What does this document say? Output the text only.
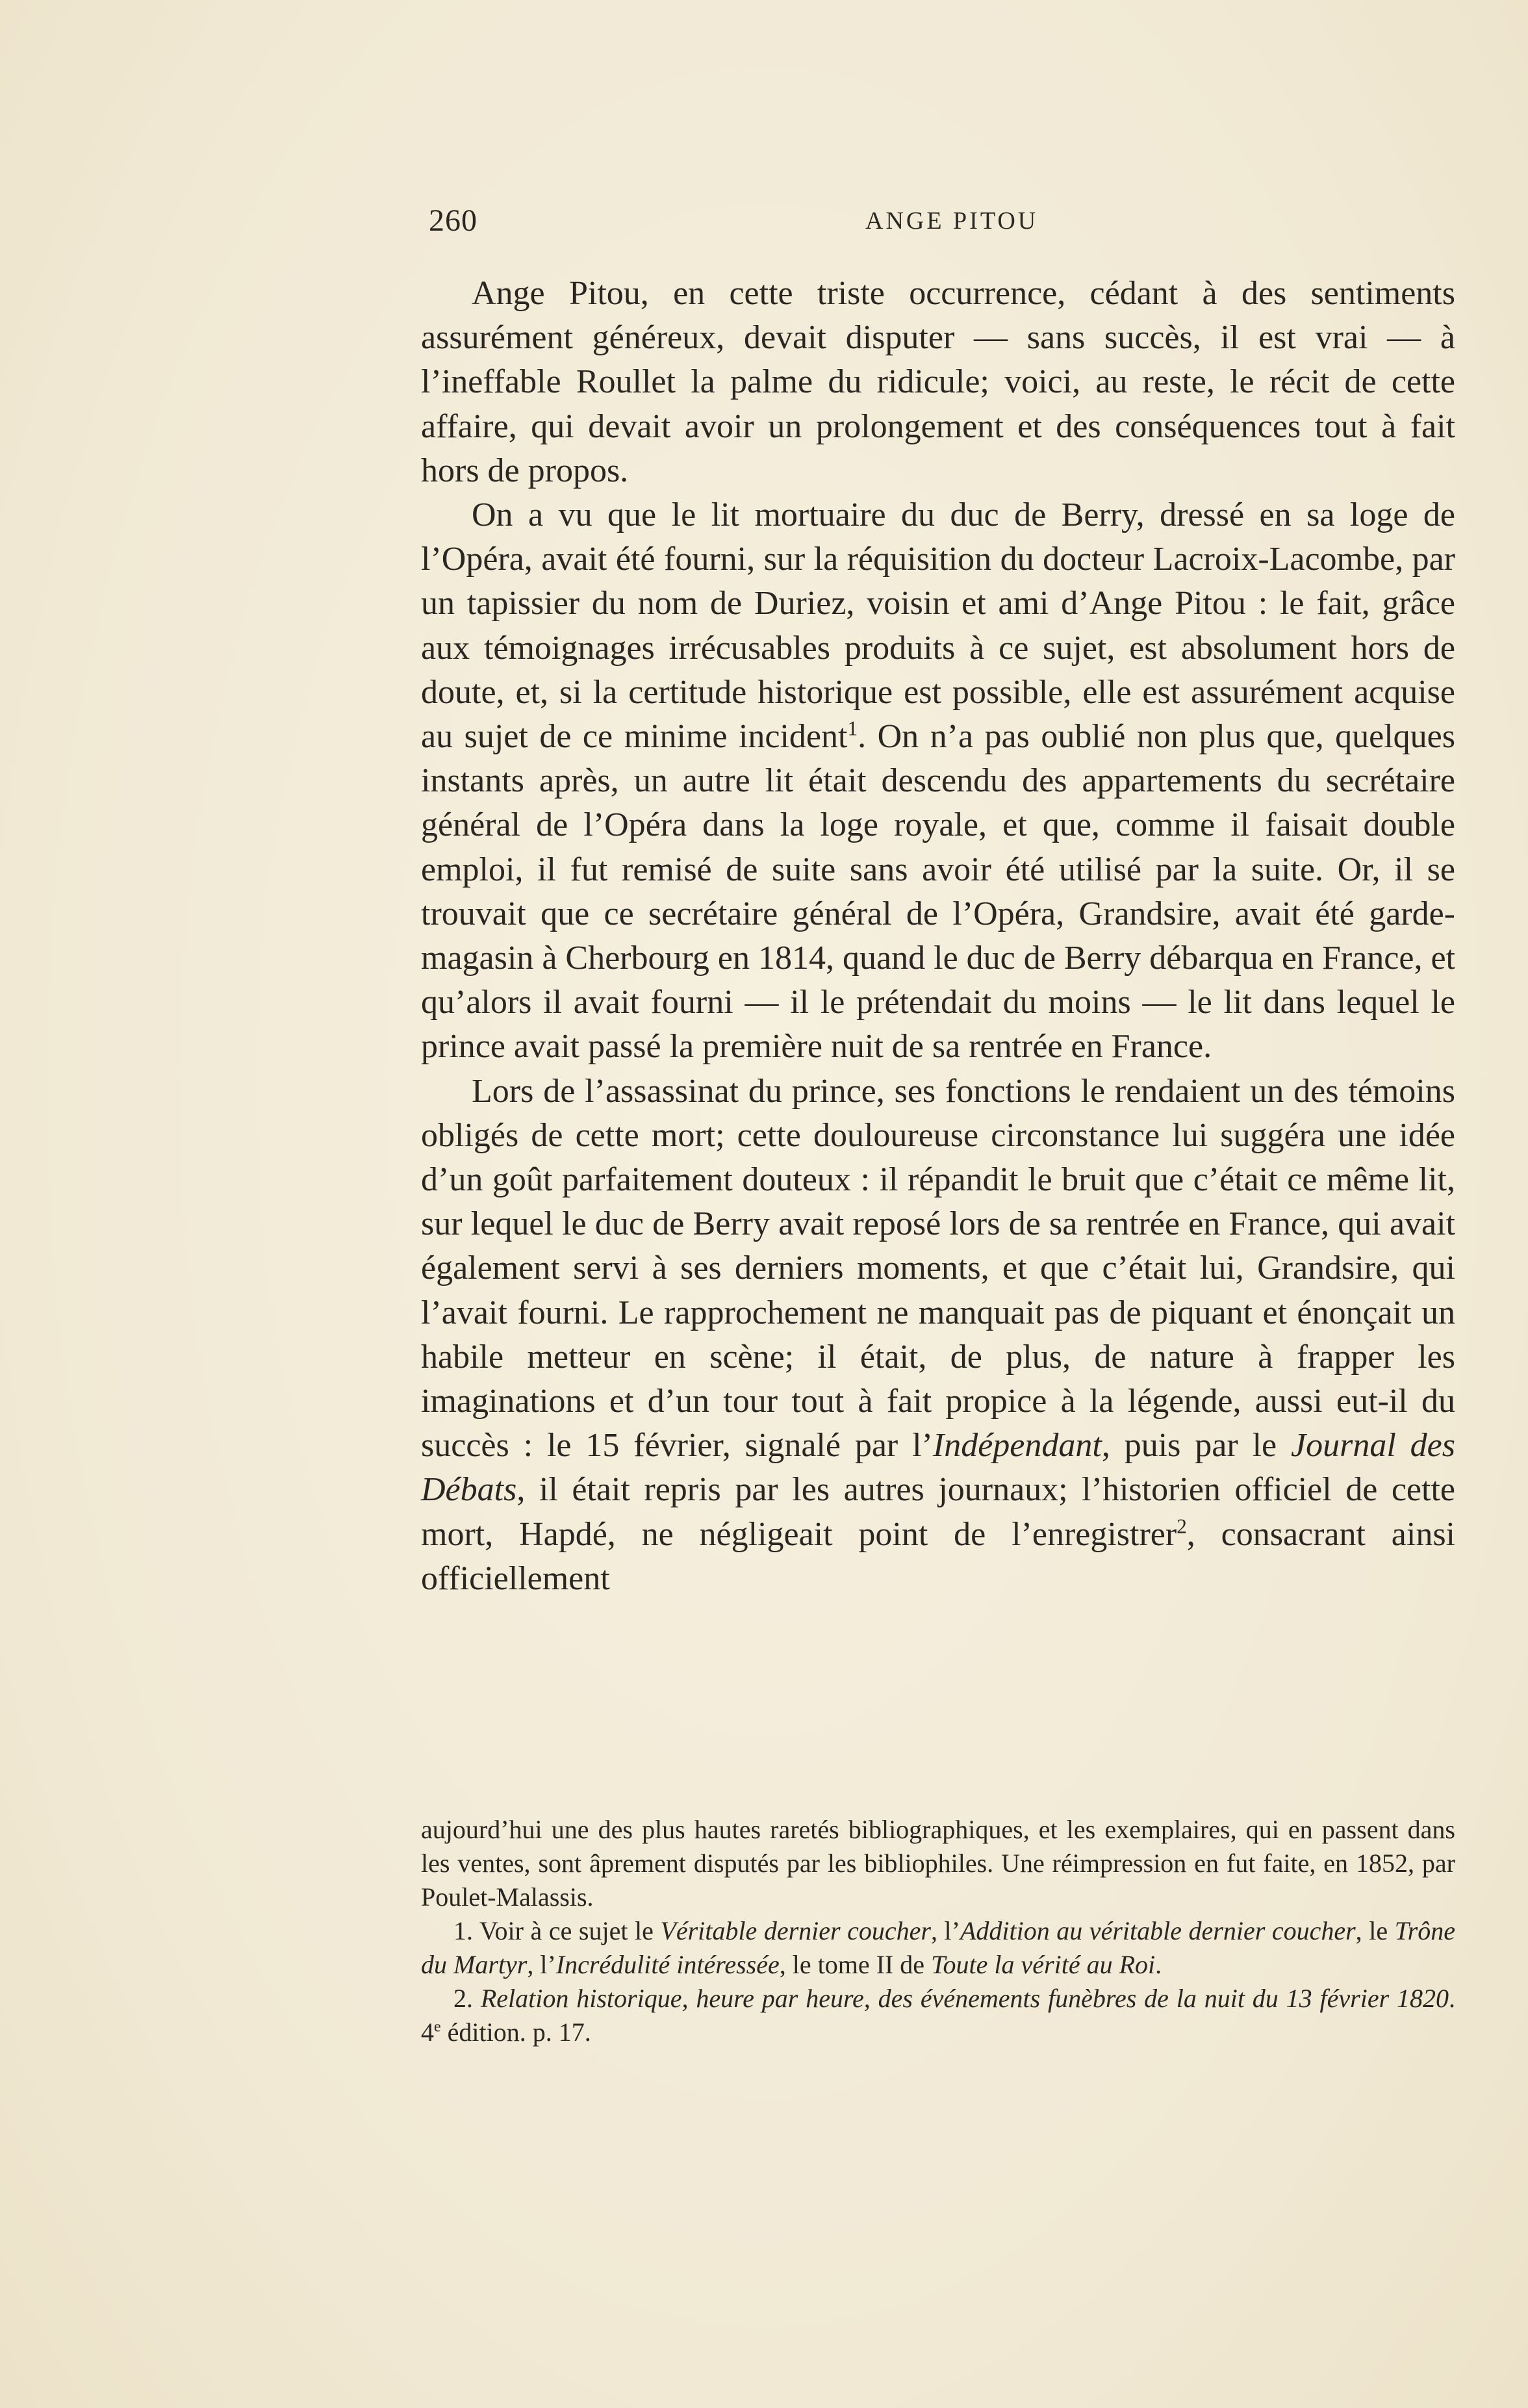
260	ANGE PITOU

Ange Pitou, en cette triste occurrence, cédant à des sentiments assurément généreux, devait disputer — sans succès, il est vrai — à l’ineffable Roullet la palme du ridicule; voici, au reste, le récit de cette affaire, qui devait avoir un prolongement et des conséquences tout à fait hors de propos.

On a vu que le lit mortuaire du duc de Berry, dressé en sa loge de l’Opéra, avait été fourni, sur la réquisition du docteur Lacroix-Lacombe, par un tapissier du nom de Duriez, voisin et ami d’Ange Pitou : le fait, grâce aux témoignages irrécusables produits à ce sujet, est absolument hors de doute, et, si la certitude historique est possible, elle est assurément acquise au sujet de ce minime incident$^1$. On n’a pas oublié non plus que, quelques instants après, un autre lit était descendu des appartements du secrétaire général de l’Opéra dans la loge royale, et que, comme il faisait double emploi, il fut remisé de suite sans avoir été utilisé par la suite. Or, il se trouvait que ce secrétaire général de l’Opéra, Grandsire, avait été garde-magasin à Cherbourg en 1814, quand le duc de Berry débarqua en France, et qu’alors il avait fourni — il le prétendait du moins — le lit dans lequel le prince avait passé la première nuit de sa rentrée en France.

Lors de l’assassinat du prince, ses fonctions le rendaient un des témoins obligés de cette mort; cette douloureuse circonstance lui suggéra une idée d’un goût parfaitement douteux : il répandit le bruit que c’était ce même lit, sur lequel le duc de Berry avait reposé lors de sa rentrée en France, qui avait également servi à ses derniers moments, et que c’était lui, Grandsire, qui l’avait fourni. Le rapprochement ne manquait pas de piquant et énonçait un habile metteur en scène; il était, de plus, de nature à frapper les imaginations et d’un tour tout à fait propice à la légende, aussi eut-il du succès : le 15 février, signalé par l’Indépendant, puis par le Journal des Débats, il était repris par les autres journaux; l’historien officiel de cette mort, Hapdé, ne négligeait point de l’enregistrer$^2$, consacrant ainsi officiellement

aujourd’hui une des plus hautes raretés bibliographiques, et les exemplaires, qui en passent dans les ventes, sont âprement disputés par les bibliophiles. Une réimpression en fut faite, en 1852, par Poulet-Malassis.

1. Voir à ce sujet le Véritable dernier coucher, l’Addition au véritable dernier coucher, le Trône du Martyr, l’Incrédulité intéressée, le tome II de Toute la vérité au Roi.

2. Relation historique, heure par heure, des événements funèbres de la nuit du 13 février 1820. 4e édition. p. 17.
